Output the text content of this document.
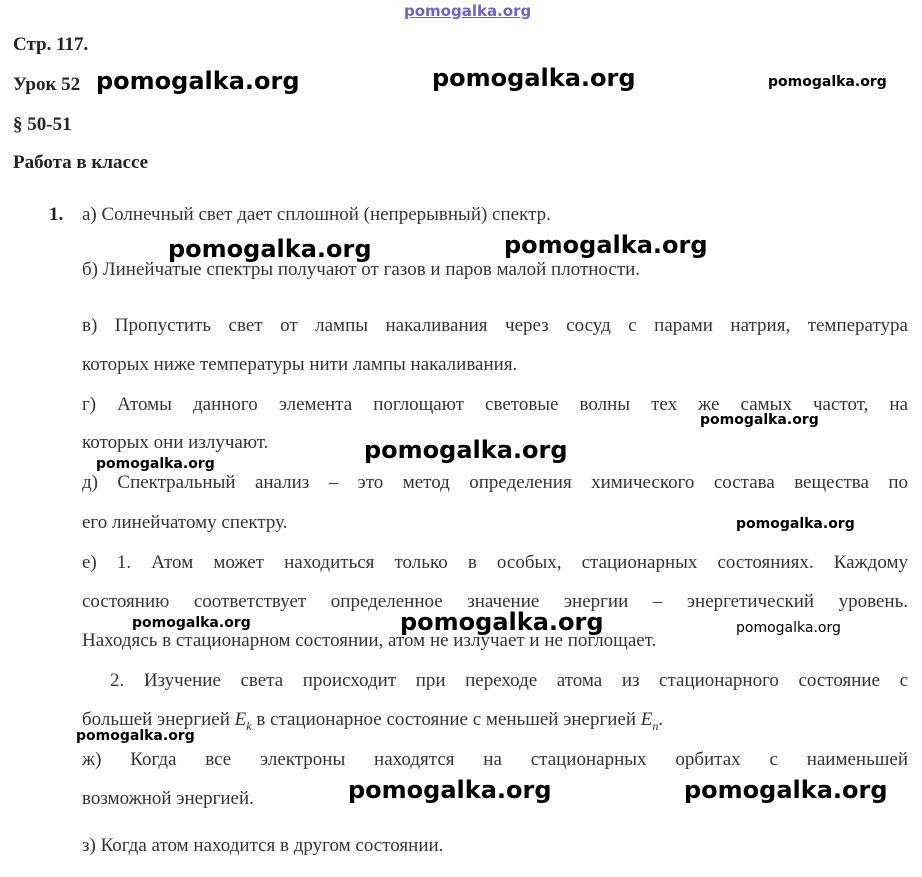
pomogalka.org
Стр. 117.
Урок 52
§ 50-51
Работа в классе
1. а) Солнечный свет дает сплошной (непрерывный) спектр.
б) Линейчатые спектры получают от газов и паров малой плотности.
в) Пропустить свет от лампы накаливания через сосуд с парами натрия, температура
которых ниже температуры нити лампы накаливания.
г) Атомы данного элемента поглощают световые волны тех же самых частот, на
которых они излучают.
д) Спектральный анализ – это метод определения химического состава вещества по
его линейчатому спектру.
е) 1. Атом может находиться только в особых, стационарных состояниях. Каждому
состоянию соответствует определенное значение энергии – энергетический уровень.
Находясь в стационарном состоянии, атом не излучает и не поглощает.
2. Изучение света происходит при переходе атома из стационарного состояние с
большей энергией $E_k$ в стационарное состояние с меньшей энергией $E_n$.
ж) Когда все электроны находятся на стационарных орбитах с наименьшей
возможной энергией.
з) Когда атом находится в другом состоянии.
pomogalka.org	pomogalka.org	pomogalka.org
pomogalka.org	pomogalka.org
pomogalka.org
pomogalka.org
pomogalka.org
pomogalka.org
pomogalka.org	pomogalka.org	pomogalka.org
pomogalka.org
pomogalka.org	pomogalka.org
